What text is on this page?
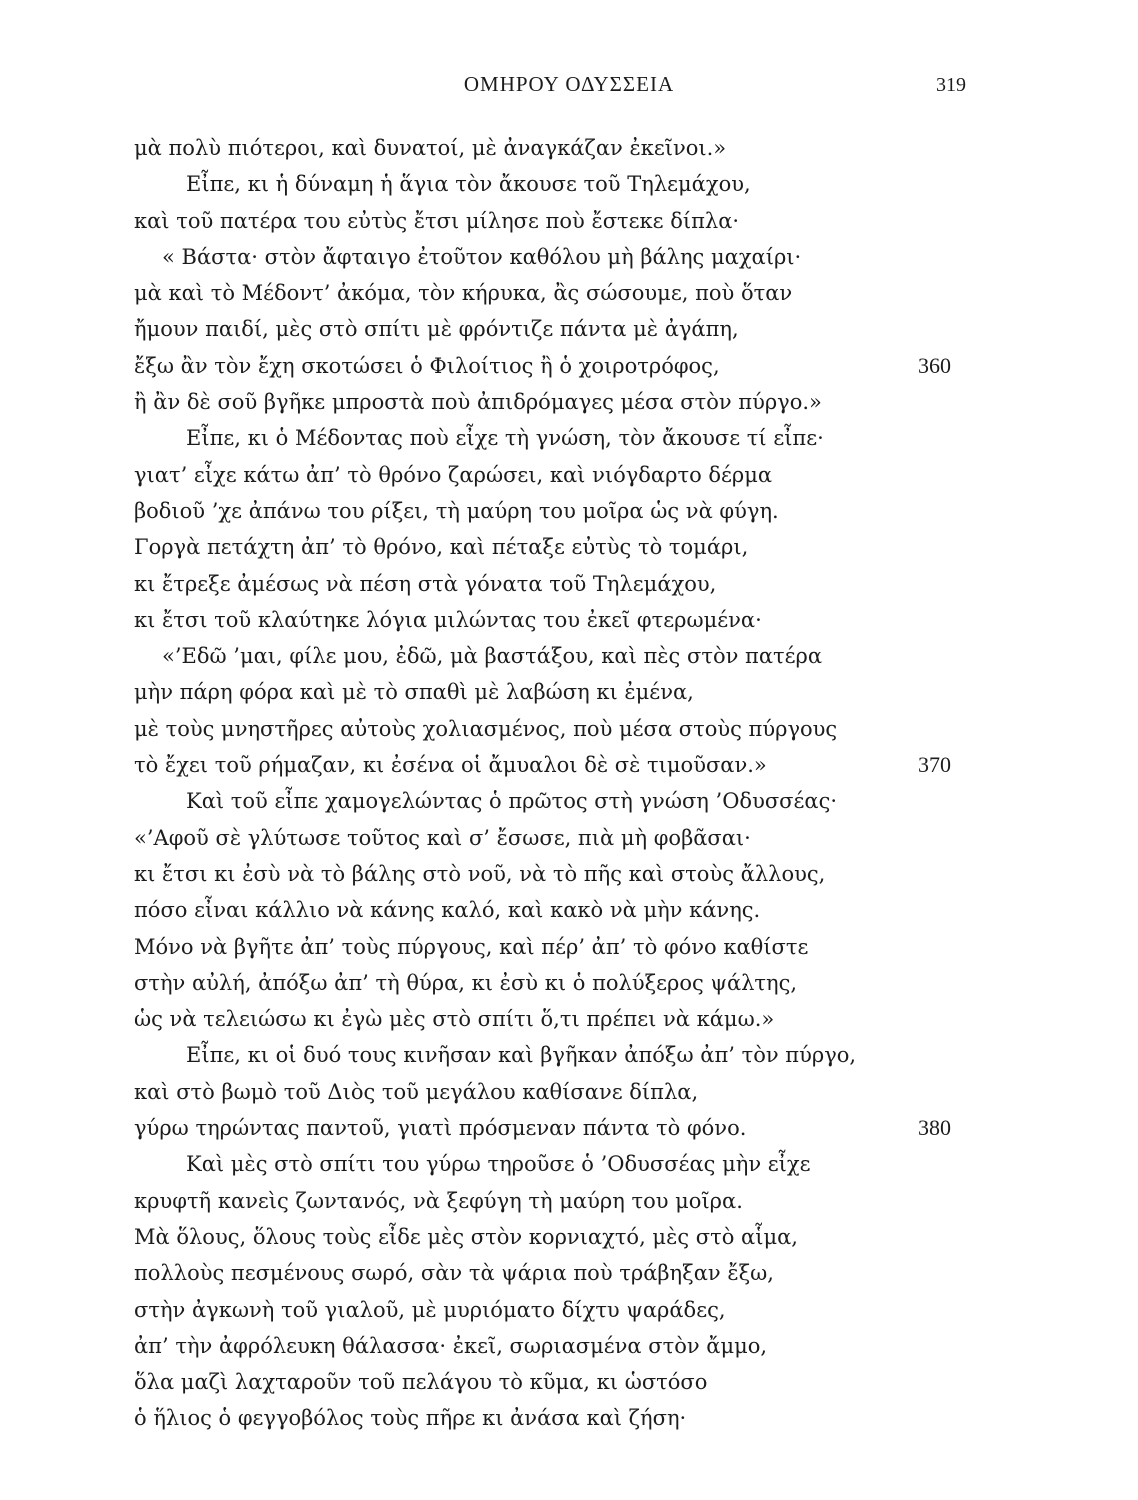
ΟΜΗΡΟΥ ΟΔΥΣΣΕΙΑ	319
μὰ πολὺ πιότεροι, καὶ δυνατοί, μὲ ἀναγκάζαν ἐκεῖνοι.»
Εἶπε, κι ἡ δύναμη ἡ ἅγια τὸν ἄκουσε τοῦ Τηλεμάχου,
καὶ τοῦ πατέρα του εὐτὺς ἔτσι μίλησε ποὺ ἔστεκε δίπλα·
« Βάστα· στὸν ἄφταιγο ἐτοῦτον καθόλου μὴ βάλης μαχαίρι·
μὰ καὶ τὸ Μέδοντ’ ἀκόμα, τὸν κήρυκα, ἂς σώσουμε, ποὺ ὅταν
ἤμουν παιδί, μὲς στὸ σπίτι μὲ φρόντιζε πάντα μὲ ἀγάπη,
ἔξω ἂν τὸν ἔχη σκοτώσει ὁ Φιλοίτιος ἢ ὁ χοιροτρόφος,	360
ἢ ἂν δὲ σοῦ βγῆκε μπροστὰ ποὺ ἀπιδρόμαγες μέσα στὸν πύργο.»
Εἶπε, κι ὁ Μέδοντας ποὺ εἶχε τὴ γνώση, τὸν ἄκουσε τί εἶπε·
γιατ’ εἶχε κάτω ἀπ’ τὸ θρόνο ζαρώσει, καὶ νιόγδαρτο δέρμα
βοδιοῦ ’χε ἀπάνω του ρίξει, τὴ μαύρη του μοῖρα ὡς νὰ φύγη.
Γοργὰ πετάχτη ἀπ’ τὸ θρόνο, καὶ πέταξε εὐτὺς τὸ τομάρι,
κι ἔτρεξε ἀμέσως νὰ πέση στὰ γόνατα τοῦ Τηλεμάχου,
κι ἔτσι τοῦ κλαύτηκε λόγια μιλώντας του ἐκεῖ φτερωμένα·
«’Εδῶ ’μαι, φίλε μου, ἐδῶ, μὰ βαστάξου, καὶ πὲς στὸν πατέρα
μὴν πάρη φόρα καὶ μὲ τὸ σπαθὶ μὲ λαβώση κι ἐμένα,
μὲ τοὺς μνηστῆρες αὐτοὺς χολιασμένος, ποὺ μέσα στοὺς πύργους
τὸ ἔχει τοῦ ρήμαζαν, κι ἐσένα οἱ ἄμυαλοι δὲ σὲ τιμοῦσαν.»	370
Καὶ τοῦ εἶπε χαμογελώντας ὁ πρῶτος στὴ γνώση ’Οδυσσέας·
«’Αφοῦ σὲ γλύτωσε τοῦτος καὶ σ’ ἔσωσε, πιὰ μὴ φοβᾶσαι·
κι ἔτσι κι ἐσὺ νὰ τὸ βάλης στὸ νοῦ, νὰ τὸ πῆς καὶ στοὺς ἄλλους,
πόσο εἶναι κάλλιο νὰ κάνης καλό, καὶ κακὸ νὰ μὴν κάνης.
Μόνο νὰ βγῆτε ἀπ’ τοὺς πύργους, καὶ πέρ’ ἀπ’ τὸ φόνο καθίστε
στὴν αὐλή, ἀπόξω ἀπ’ τὴ θύρα, κι ἐσὺ κι ὁ πολύξερος ψάλτης,
ὡς νὰ τελειώσω κι ἐγὼ μὲς στὸ σπίτι ὅ,τι πρέπει νὰ κάμω.»
Εἶπε, κι οἱ δυό τους κινῆσαν καὶ βγῆκαν ἀπόξω ἀπ’ τὸν πύργο,
καὶ στὸ βωμὸ τοῦ Διὸς τοῦ μεγάλου καθίσανε δίπλα,
γύρω τηρώντας παντοῦ, γιατὶ πρόσμεναν πάντα τὸ φόνο.	380
Καὶ μὲς στὸ σπίτι του γύρω τηροῦσε ὁ ’Οδυσσέας μὴν εἶχε
κρυφτῆ κανεὶς ζωντανός, νὰ ξεφύγη τὴ μαύρη του μοῖρα.
Μὰ ὅλους, ὅλους τοὺς εἶδε μὲς στὸν κορνιαχτό, μὲς στὸ αἷμα,
πολλοὺς πεσμένους σωρό, σὰν τὰ ψάρια ποὺ τράβηξαν ἔξω,
στὴν ἀγκωνὴ τοῦ γιαλοῦ, μὲ μυριόματο δίχτυ ψαράδες,
ἀπ’ τὴν ἀφρόλευκη θάλασσα· ἐκεῖ, σωριασμένα στὸν ἄμμο,
ὅλα μαζὶ λαχταροῦν τοῦ πελάγου τὸ κῦμα, κι ὡστόσο
ὁ ἥλιος ὁ φεγγοβόλος τοὺς πῆρε κι ἀνάσα καὶ ζήση·
